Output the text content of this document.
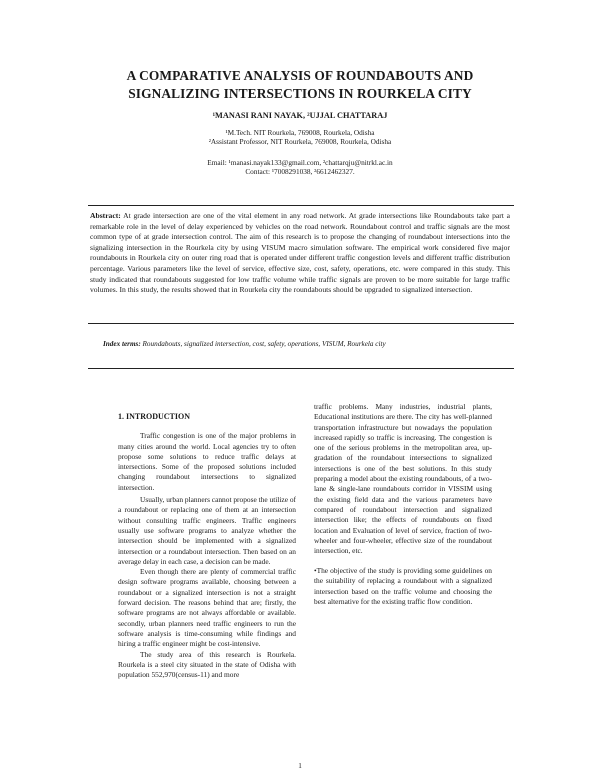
A COMPARATIVE ANALYSIS OF ROUNDABOUTS AND
SIGNALIZING INTERSECTIONS IN ROURKELA CITY
¹MANASI RANI NAYAK, ²UJJAL CHATTARAJ
¹M.Tech. NIT Rourkela, 769008, Rourkela, Odisha
²Assistant Professor, NIT Rourkela, 769008, Rourkela, Odisha
Email: ¹manasi.nayak133@gmail.com, ²chattarqju@nitrkl.ac.in
Contact: ¹7008291038, ²6612462327.
Abstract: At grade intersection are one of the vital element in any road network. At grade intersections like Roundabouts take part a remarkable role in the level of delay experienced by vehicles on the road network. Roundabout control and traffic signals are the most common type of at grade intersection control. The aim of this research is to propose the changing of roundabout intersections into the signalizing intersection in the Rourkela city by using VISUM macro simulation software. The empirical work considered five major roundabouts in Rourkela city on outer ring road that is operated under different traffic congestion levels and different traffic distribution percentage. Various parameters like the level of service, effective size, cost, safety, operations, etc. were compared in this study. This study indicated that roundabouts suggested for low traffic volume while traffic signals are proven to be more suitable for large traffic volumes. In this study, the results showed that in Rourkela city the roundabouts should be upgraded to signalized intersection.
Index terms: Roundabouts, signalized intersection, cost, safety, operations, VISUM, Rourkela city

1. INTRODUCTION

Traffic congestion is one of the major problems in many cities around the world. Local agencies try to often propose some solutions to reduce traffic delays at intersections. Some of the proposed solutions included changing roundabout intersections to signalized intersection.

Usually, urban planners cannot propose the utilize of a roundabout or replacing one of them at an intersection without consulting traffic engineers. Traffic engineers usually use software programs to analyze whether the intersection should be implemented with a signalized intersection or a roundabout intersection. Then based on an average delay in each case, a decision can be made.

Even though there are plenty of commercial traffic design software programs available, choosing between a roundabout or a signalized intersection is not a straight forward decision. The reasons behind that are; firstly, the software programs are not always affordable or available. secondly, urban planners need traffic engineers to run the software analysis is time-consuming while findings and hiring a traffic engineer might be cost-intensive.

The study area of this research is Rourkela. Rourkela is a steel city situated in the state of Odisha with population 552,970(census-11) and more

traffic problems. Many industries, industrial plants, Educational institutions are there. The city has well-planned transportation infrastructure but nowadays the population increased rapidly so traffic is increasing. The congestion is one of the serious problems in the metropolitan area, up-gradation of the roundabout intersections to signalized intersections is one of the best solutions. In this study preparing a model about the existing roundabouts, of a two-lane & single-lane roundabouts corridor in VISSIM using the existing field data and the various parameters have compared of roundabout intersection and signalized intersection like; the effects of roundabouts on fixed location and Evaluation of level of service, fraction of two-wheeler and four-wheeler, effective size of the roundabout intersection, etc.

•The objective of the study is providing some guidelines on the suitability of replacing a roundabout with a signalized intersection based on the traffic volume and choosing the best alternative for the existing traffic flow condition.

1
